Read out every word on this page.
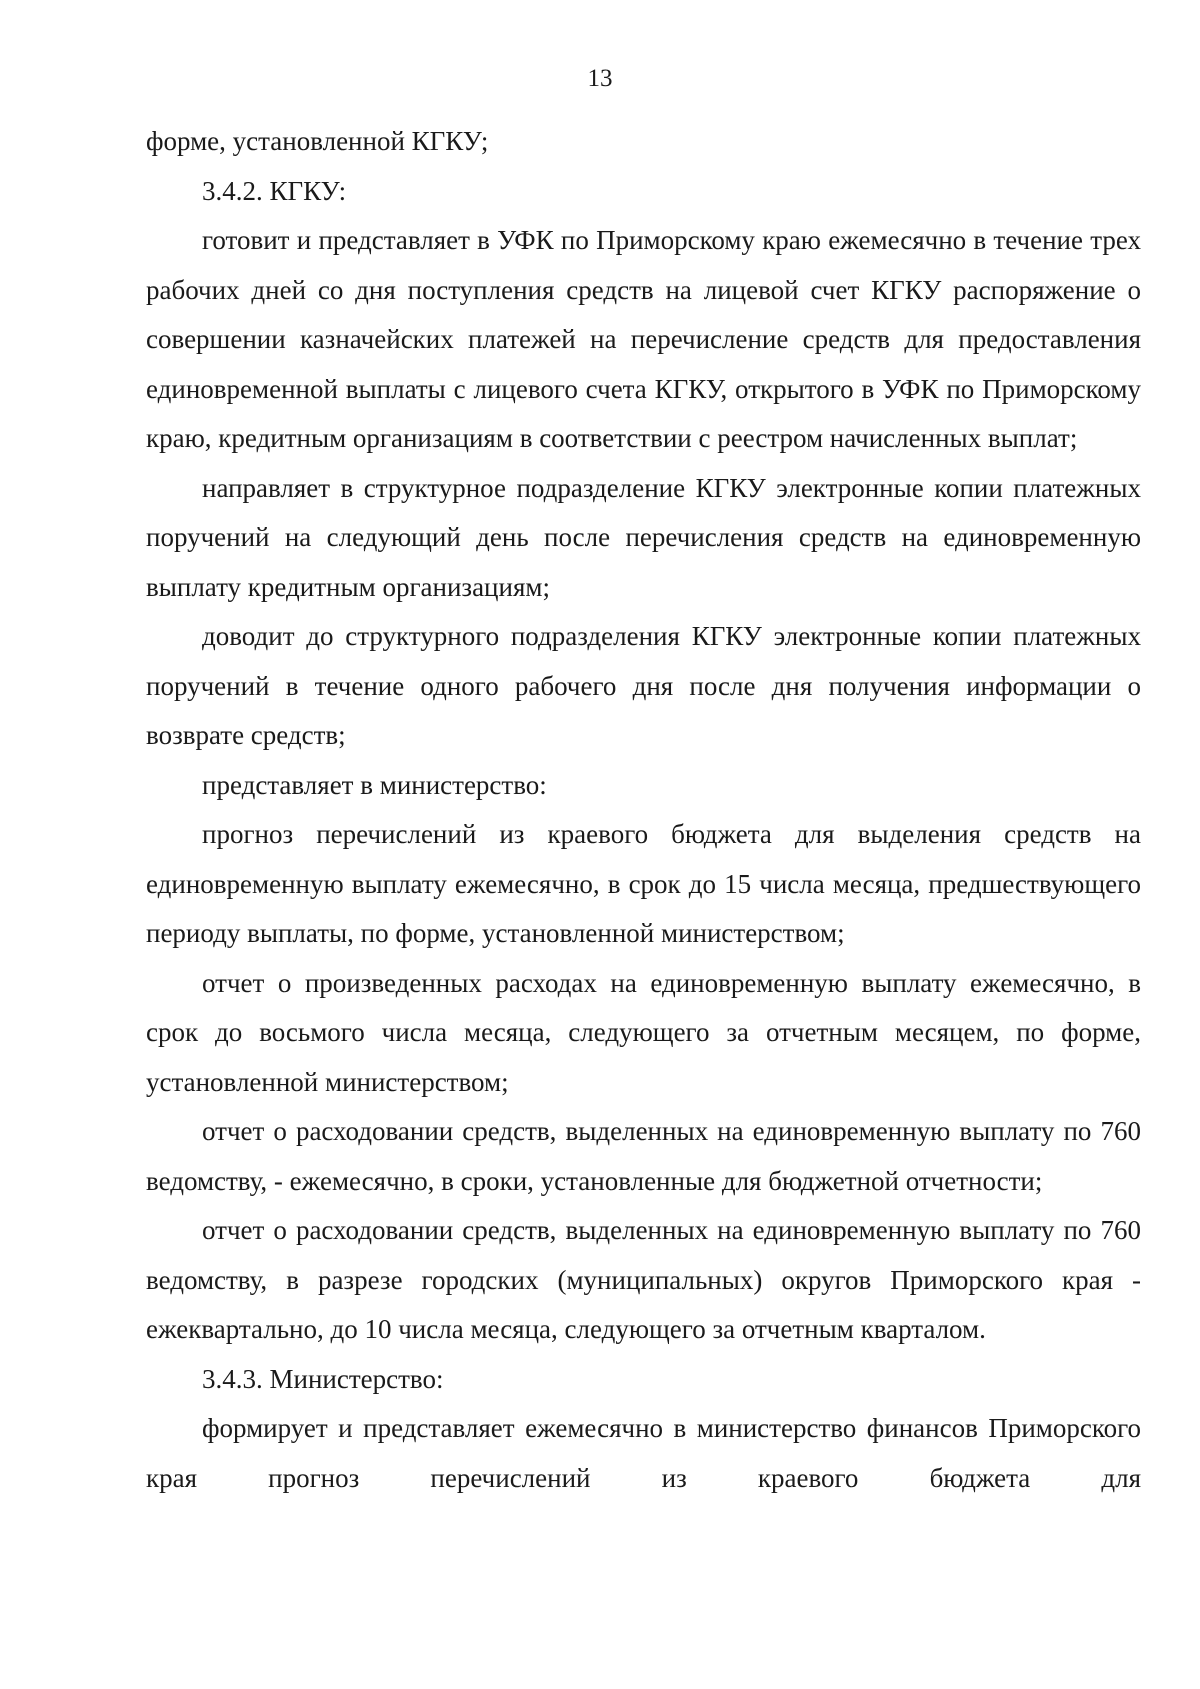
13

форме, установленной КГКУ;

3.4.2. КГКУ:

готовит и представляет в УФК по Приморскому краю ежемесячно в течение трех рабочих дней со дня поступления средств на лицевой счет КГКУ распоряжение о совершении казначейских платежей на перечисление средств для предоставления единовременной выплаты с лицевого счета КГКУ, открытого в УФК по Приморскому краю, кредитным организациям в соответствии с реестром начисленных выплат;

направляет в структурное подразделение КГКУ электронные копии платежных поручений на следующий день после перечисления средств на единовременную выплату кредитным организациям;

доводит до структурного подразделения КГКУ электронные копии платежных поручений в течение одного рабочего дня после дня получения информации о возврате средств;

представляет в министерство:

прогноз перечислений из краевого бюджета для выделения средств на единовременную выплату ежемесячно, в срок до 15 числа месяца, предшествующего периоду выплаты, по форме, установленной министерством;

отчет о произведенных расходах на единовременную выплату ежемесячно, в срок до восьмого числа месяца, следующего за отчетным месяцем, по форме, установленной министерством;

отчет о расходовании средств, выделенных на единовременную выплату по 760 ведомству, - ежемесячно, в сроки, установленные для бюджетной отчетности;

отчет о расходовании средств, выделенных на единовременную выплату по 760 ведомству, в разрезе городских (муниципальных) округов Приморского края - ежеквартально, до 10 числа месяца, следующего за отчетным кварталом.

3.4.3. Министерство:

формирует и представляет ежемесячно в министерство финансов Приморского края прогноз перечислений из краевого бюджета для
